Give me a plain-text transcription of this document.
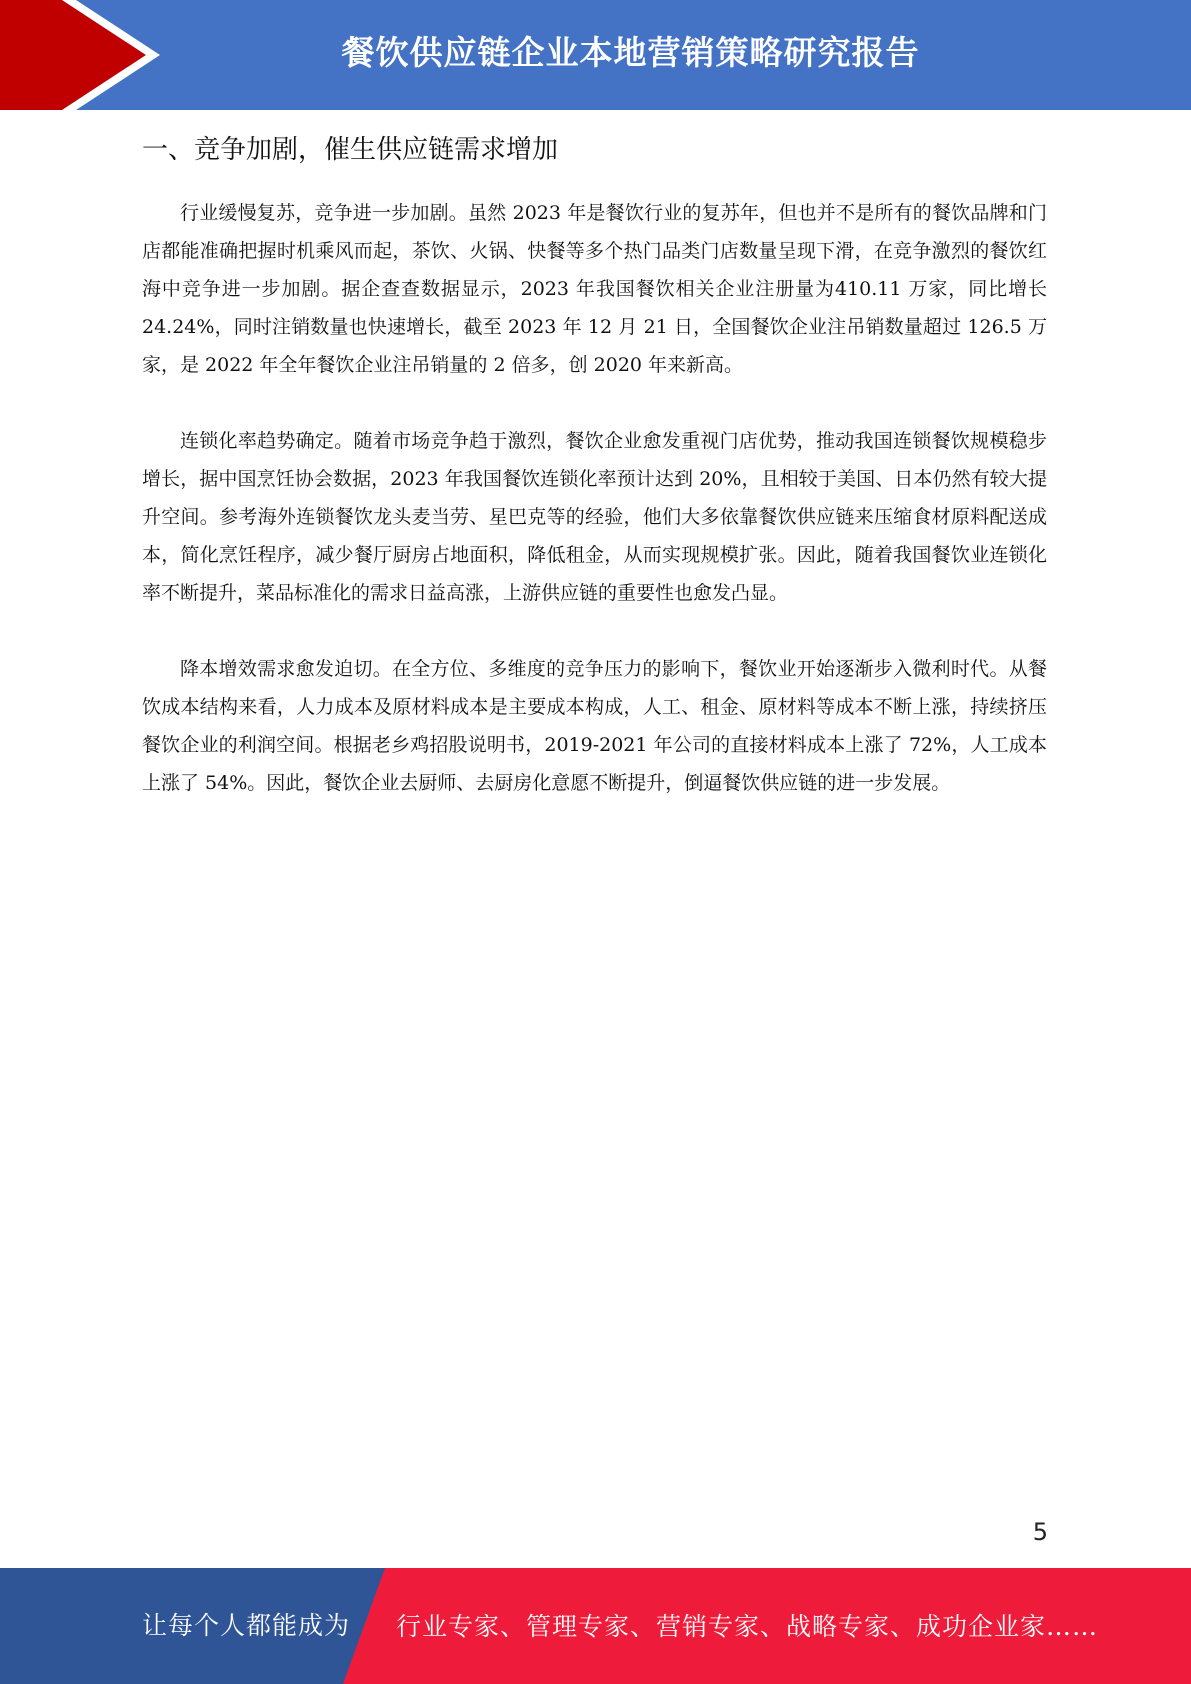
餐饮供应链企业本地营销策略研究报告
一、竞争加剧，催生供应链需求增加

行业缓慢复苏，竞争进一步加剧。虽然 2023 年是餐饮行业的复苏年，但也并不是所有的餐饮品牌和门店都能准确把握时机乘风而起，茶饮、火锅、快餐等多个热门品类门店数量呈现下滑，在竞争激烈的餐饮红海中竞争进一步加剧。据企查查数据显示，2023 年我国餐饮相关企业注册量为410.11 万家，同比增长 24.24%，同时注销数量也快速增长，截至 2023 年 12 月 21 日，全国餐饮企业注吊销数量超过 126.5 万家，是 2022 年全年餐饮企业注吊销量的 2 倍多，创 2020 年来新高。

连锁化率趋势确定。随着市场竞争趋于激烈，餐饮企业愈发重视门店优势，推动我国连锁餐饮规模稳步增长，据中国烹饪协会数据，2023 年我国餐饮连锁化率预计达到 20%，且相较于美国、日本仍然有较大提升空间。参考海外连锁餐饮龙头麦当劳、星巴克等的经验，他们大多依靠餐饮供应链来压缩食材原料配送成本，简化烹饪程序，减少餐厅厨房占地面积，降低租金，从而实现规模扩张。因此，随着我国餐饮业连锁化率不断提升，菜品标准化的需求日益高涨，上游供应链的重要性也愈发凸显。

降本增效需求愈发迫切。在全方位、多维度的竞争压力的影响下，餐饮业开始逐渐步入微利时代。从餐饮成本结构来看，人力成本及原材料成本是主要成本构成，人工、租金、原材料等成本不断上涨，持续挤压餐饮企业的利润空间。根据老乡鸡招股说明书，2019-2021 年公司的直接材料成本上涨了 72%，人工成本上涨了 54%。因此，餐饮企业去厨师、去厨房化意愿不断提升，倒逼餐饮供应链的进一步发展。

5
让每个人都能成为 行业专家、管理专家、营销专家、战略专家、成功企业家……
